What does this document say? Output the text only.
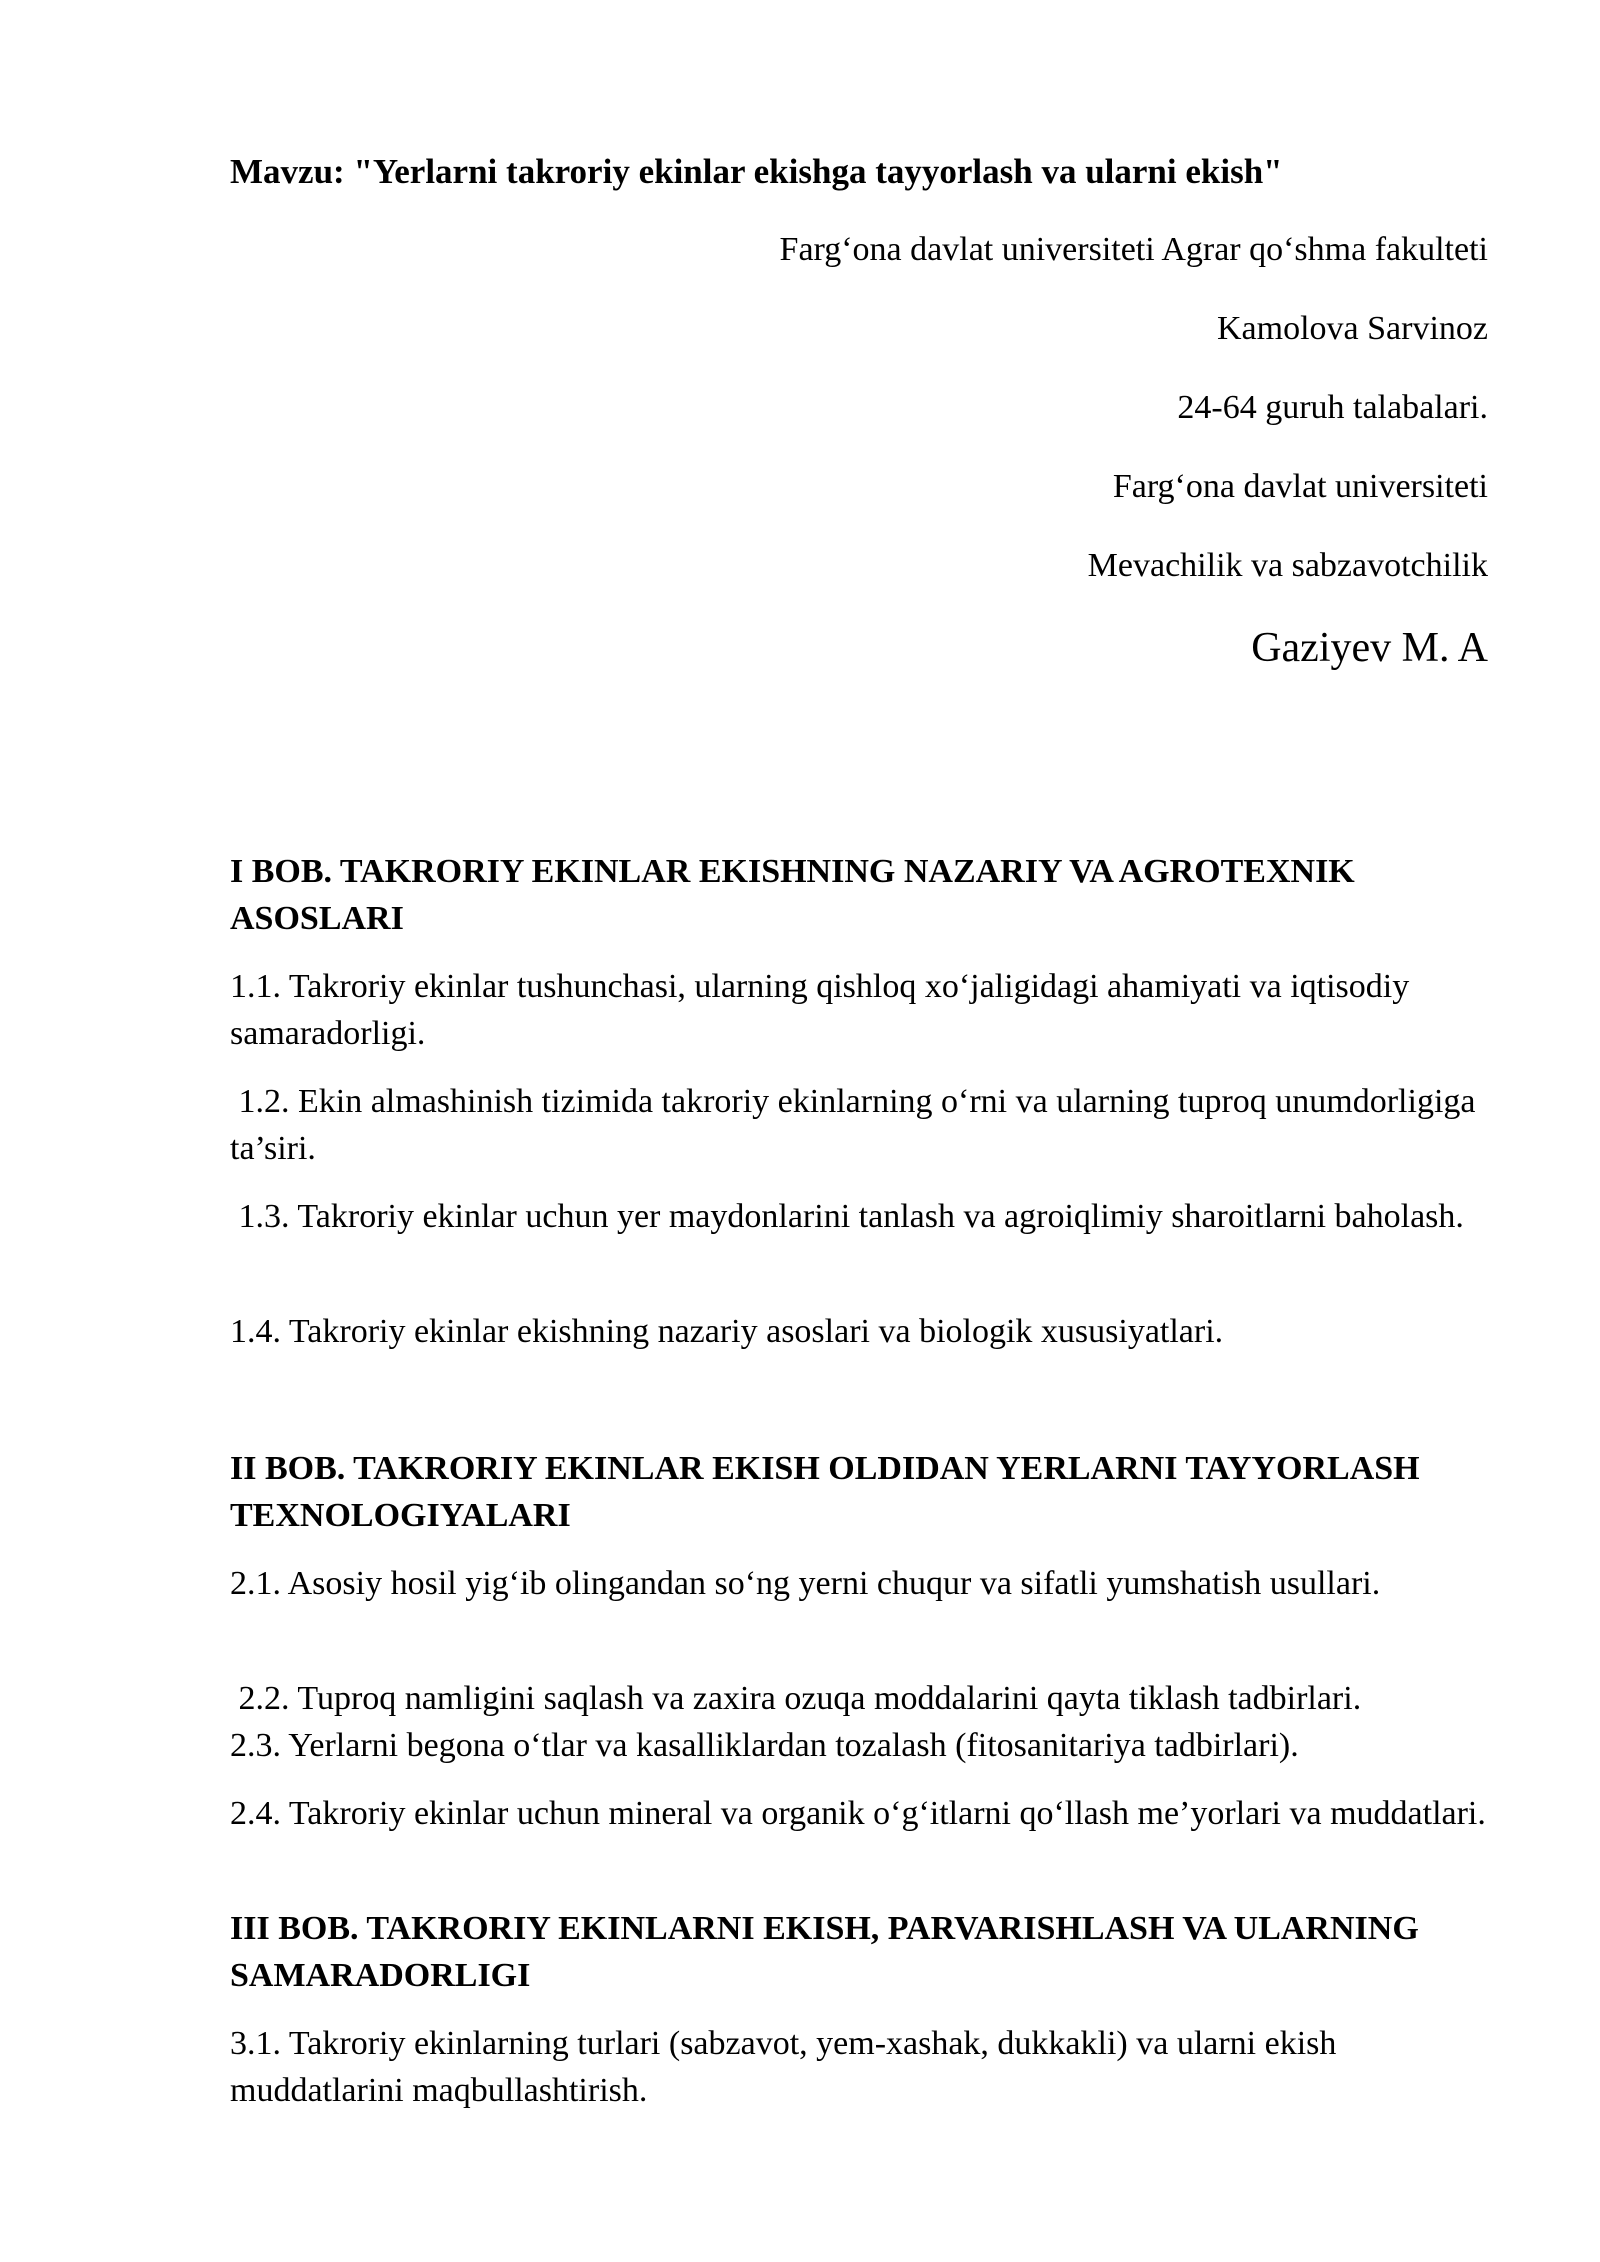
Mavzu: "Yerlarni takroriy ekinlar ekishga tayyorlash va ularni ekish"
Farg‘ona davlat universiteti Agrar qo‘shma fakulteti
Kamolova Sarvinoz
24-64 guruh talabalari.
Farg‘ona davlat universiteti
Mevachilik va sabzavotchilik
Gaziyev M. A
I BOB. TAKRORIY EKINLAR EKISHNING NAZARIY VA AGROTEXNIK ASOSLARI
1.1. Takroriy ekinlar tushunchasi, ularning qishloq xo‘jaligidagi ahamiyati va iqtisodiy samaradorligi.
1.2. Ekin almashinish tizimida takroriy ekinlarning o‘rni va ularning tuproq unumdorligiga ta’siri.
1.3. Takroriy ekinlar uchun yer maydonlarini tanlash va agroiqlimiy sharoitlarni baholash.
1.4. Takroriy ekinlar ekishning nazariy asoslari va biologik xususiyatlari.
II BOB. TAKRORIY EKINLAR EKISH OLDIDAN YERLARNI TAYYORLASH TEXNOLOGIYALARI
2.1. Asosiy hosil yig‘ib olingandan so‘ng yerni chuqur va sifatli yumshatish usullari.
2.2. Tuproq namligini saqlash va zaxira ozuqa moddalarini qayta tiklash tadbirlari.
2.3. Yerlarni begona o‘tlar va kasalliklardan tozalash (fitosanitariya tadbirlari).
2.4. Takroriy ekinlar uchun mineral va organik o‘g‘itlarni qo‘llash me’yorlari va muddatlari.
III BOB. TAKRORIY EKINLARNI EKISH, PARVARISHLASH VA ULARNING SAMARADORLIGI
3.1. Takroriy ekinlarning turlari (sabzavot, yem-xashak, dukkakli) va ularni ekish muddatlarini maqbullashtirish.
